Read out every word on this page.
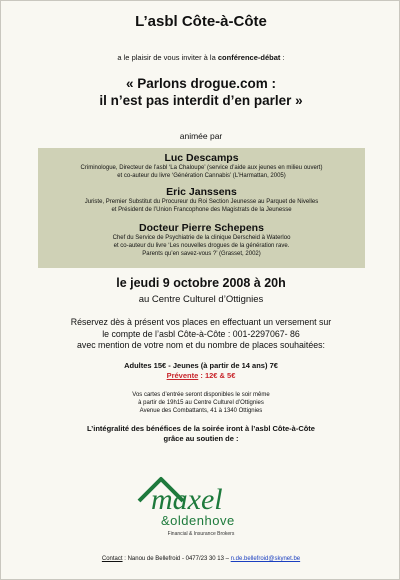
L’asbl Côte-à-Côte
a le plaisir de vous inviter à la conférence-débat :
« Parlons drogue.com :
il n’est pas interdit d’en parler »
animée par
Luc Descamps
Criminologue, Directeur de l’asbl ‘La Chaloupe’ (service d’aide aux jeunes en milieu ouvert)
et co-auteur du livre ‘Génération Cannabis’ (L’Harmattan, 2005)
Eric Janssens
Juriste, Premier Substitut du Procureur du Roi Section Jeunesse au Parquet de Nivelles
et Président de l’Union Francophone des Magistrats de la Jeunesse
Docteur Pierre Schepens
Chef du Service de Psychiatrie de la clinique Derscheid à Waterloo
et co-auteur du livre ‘Les nouvelles drogues de la génération rave.
Parents qu’en savez-vous ?’ (Grasset, 2002)
le jeudi 9 octobre 2008 à 20h
au Centre Culturel d’Ottignies
Réservez dès à présent vos places en effectuant un versement sur
le compte de l’asbl Côte-à-Côte : 001-2297067- 86
avec mention de votre nom et du nombre de places souhaitées:
Adultes 15€ - Jeunes (à partir de 14 ans) 7€
Prévente : 12€ & 5€
Vos cartes d’entrée seront disponibles le soir même
à partir de 19h15 au Centre Culturel d’Ottignies
Avenue des Combattants, 41 à 1340 Ottignies
L’intégralité des bénéfices de la soirée iront à l’asbl Côte-à-Côte
grâce au soutien de :
maxel
&oldenhove
Financial & Insurance Brokers
Contact : Nanou de Bellefroid - 0477/23 30 13 – n.de.bellefroid@skynet.be
